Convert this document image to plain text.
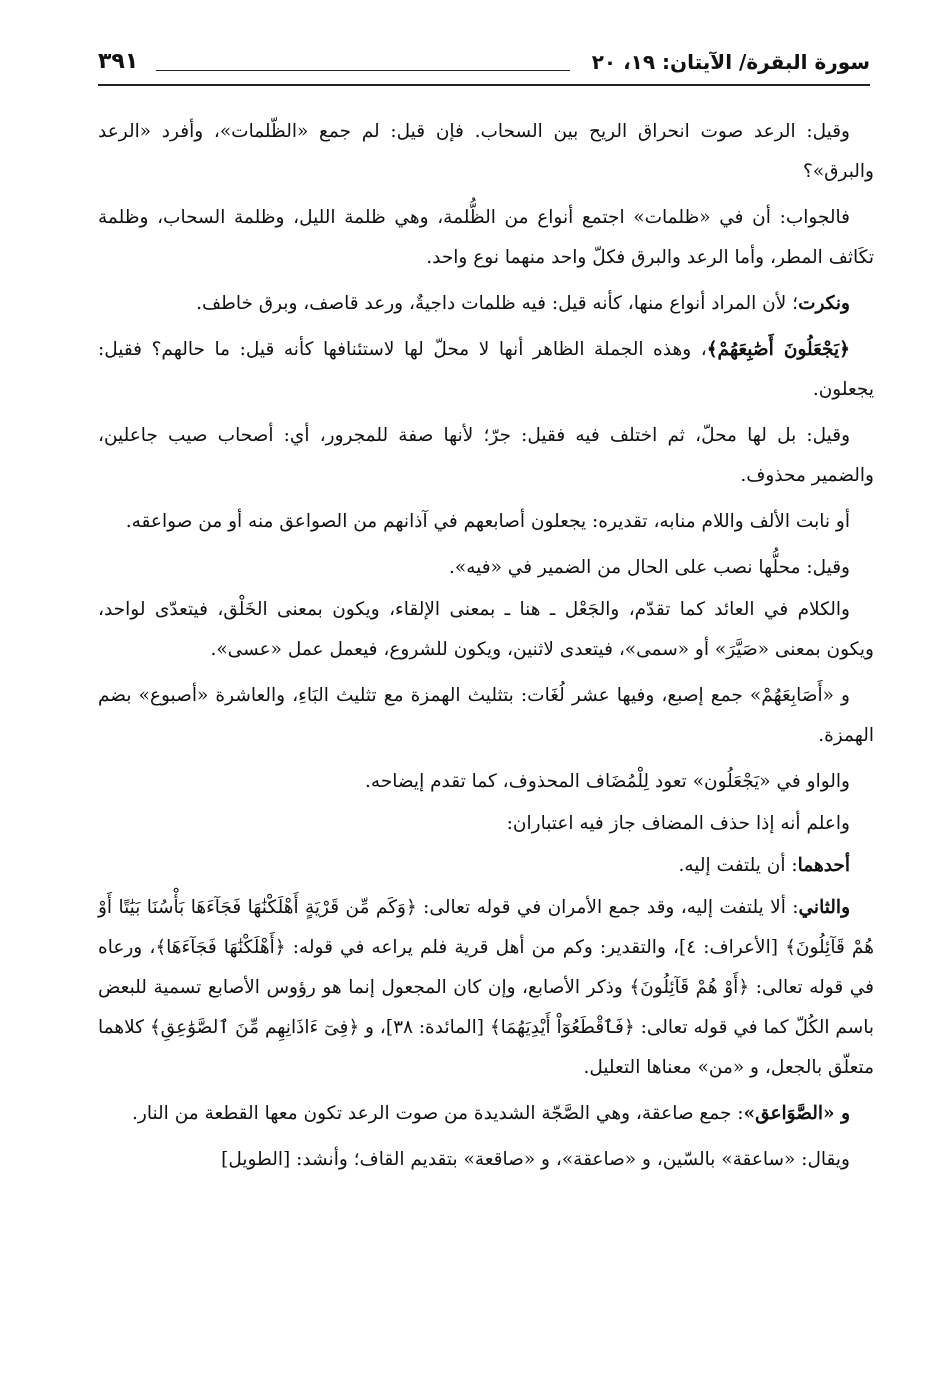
سورة البقرة/ الآيتان: ١٩، ٢٠
٣٩١

وقيل: الرعد صوت انحراق الريح بين السحاب. فإن قيل: لم جمع «الظّلمات»، وأفرد «الرعد والبرق»؟

فالجواب: أن في «ظلمات» اجتمع أنواع من الظُّلمة، وهي ظلمة الليل، وظلمة السحاب، وظلمة تكَاثف المطر، وأما الرعد والبرق فكلّ واحد منهما نوع واحد.

ونكرت؛ لأن المراد أنواع منها، كأنه قيل: فيه ظلمات داجيةٌ، ورعد قاصف، وبرق خاطف.

﴿يَجْعَلُونَ أَصَٰبِعَهُمْ﴾، وهذه الجملة الظاهر أنها لا محلّ لها لاستئنافها كأنه قيل: ما حالهم؟ فقيل: يجعلون.

وقيل: بل لها محلّ، ثم اختلف فيه فقيل: جرّ؛ لأنها صفة للمجرور، أي: أصحاب صيب جاعلين، والضمير محذوف.

أو نابت الألف واللام منابه، تقديره: يجعلون أصابعهم في آذانهم من الصواعق منه أو من صواعقه.

وقيل: محلُّها نصب على الحال من الضمير في «فيه».

والكلام في العائد كما تقدّم، والجَعْل ـ هنا ـ بمعنى الإلقاء، ويكون بمعنى الخَلْق، فيتعدّى لواحد، ويكون بمعنى «صَيَّرَ» أو «سمى»، فيتعدى لاثنين، ويكون للشروع، فيعمل عمل «عسى».

و «أَصَابِعَهُمْ» جمع إصبع، وفيها عشر لُغَات: بتثليث الهمزة مع تثليث البَاءِ، والعاشرة «أصبوع» بضم الهمزة.

والواو في «يَجْعَلُون» تعود لِلْمُضَاف المحذوف، كما تقدم إيضاحه.

واعلم أنه إذا حذف المضاف جاز فيه اعتباران:

أحدهما: أن يلتفت إليه.

والثاني: ألا يلتفت إليه، وقد جمع الأمران في قوله تعالى: ﴿وَكَم مِّن قَرْيَةٍ أَهْلَكْنَٰهَا فَجَآءَهَا بَأْسُنَا بَيَٰتًا أَوْ هُمْ قَآئِلُونَ﴾ [الأعراف: ٤]، والتقدير: وكم من أهل قرية فلم يراعه في قوله: ﴿أَهْلَكْنَٰهَا فَجَآءَهَا﴾، ورعاه في قوله تعالى: ﴿أَوْ هُمْ قَآئِلُونَ﴾ وذكر الأصابع، وإن كان المجعول إنما هو رؤوس الأصابع تسمية للبعض باسم الكُلّ كما في قوله تعالى: ﴿فَٱقْطَعُوٓاْ أَيْدِيَهُمَا﴾ [المائدة: ٣٨]، و ﴿فِىٓ ءَاذَانِهِم مِّنَ ٱلصَّوَٰعِقِ﴾ كلاهما متعلّق بالجعل، و «من» معناها التعليل.

و «الصَّوَاعق»: جمع صاعقة، وهي الصَّجّة الشديدة من صوت الرعد تكون معها القطعة من النار.

ويقال: «ساعقة» بالسّين، و «صاعقة»، و «صاقعة» بتقديم القاف؛ وأنشد: [الطويل]
